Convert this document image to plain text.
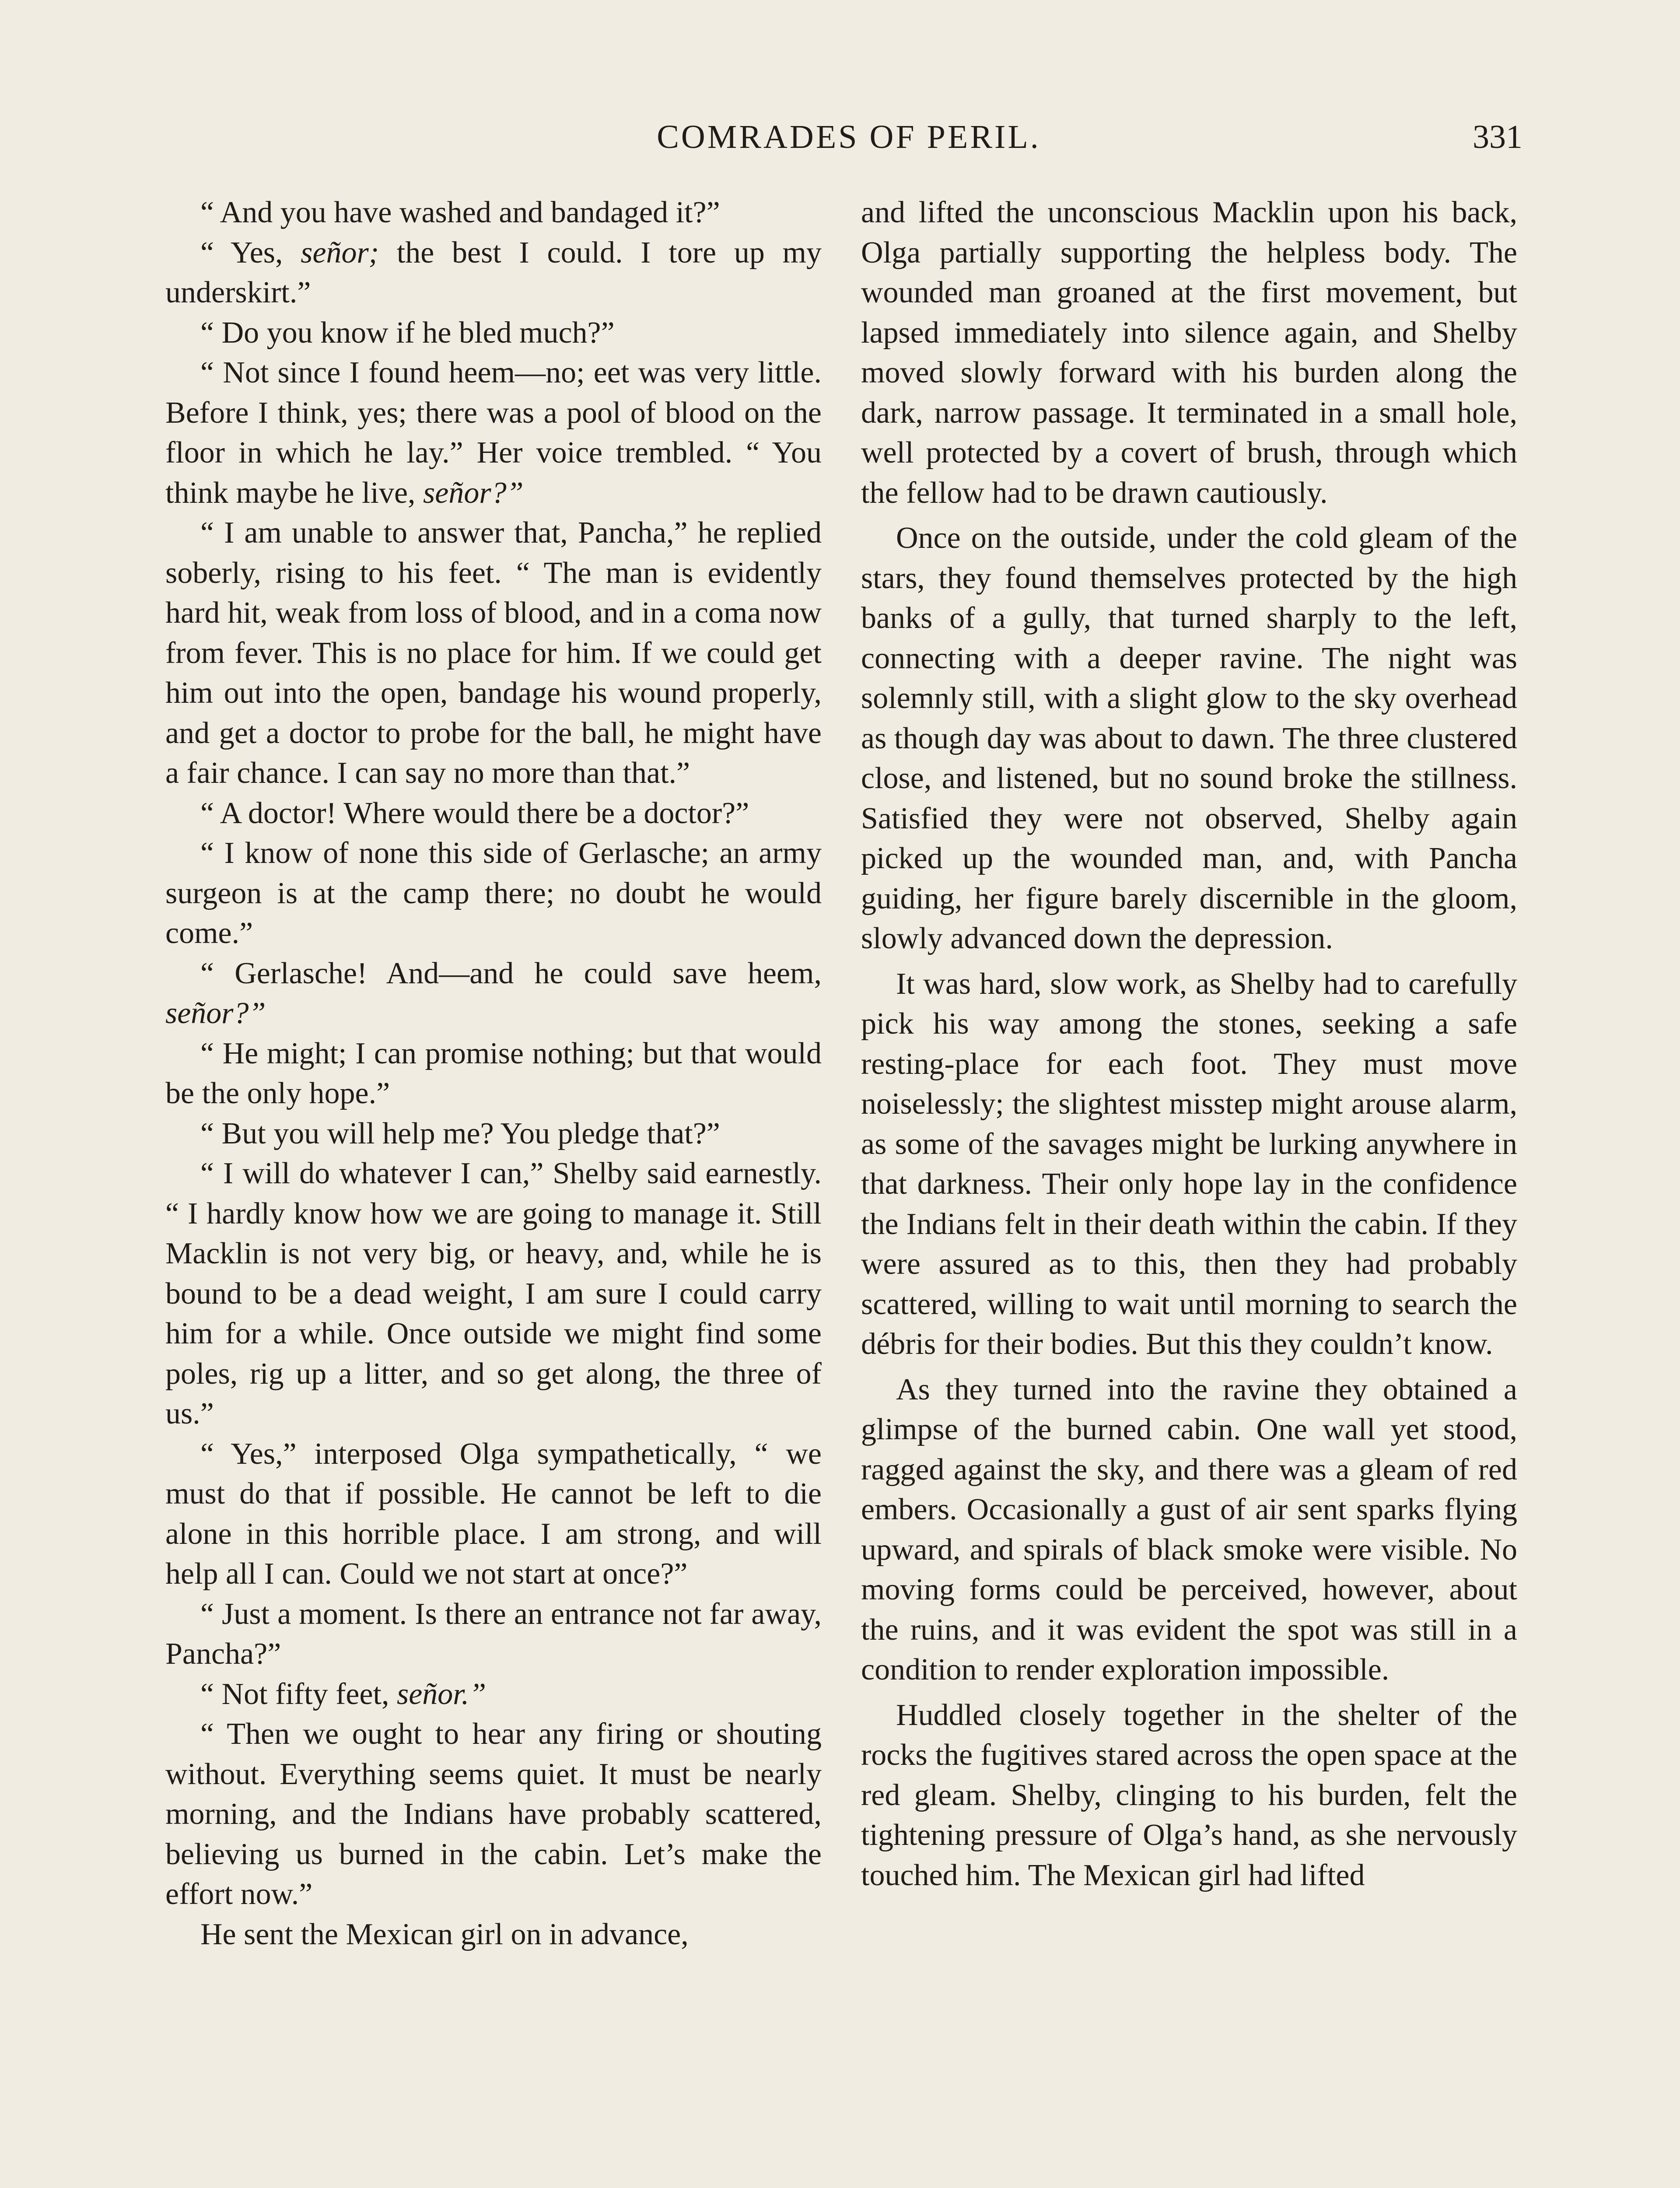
COMRADES OF PERIL.	331

“ And you have washed and bandaged it?”

“ Yes, señor; the best I could. I tore up my underskirt.”

“ Do you know if he bled much?”

“ Not since I found heem—no; eet was very little. Before I think, yes; there was a pool of blood on the floor in which he lay.” Her voice trembled. “ You think maybe he live, señor?”

“ I am unable to answer that, Pancha,” he replied soberly, rising to his feet. “ The man is evidently hard hit, weak from loss of blood, and in a coma now from fever. This is no place for him. If we could get him out into the open, bandage his wound properly, and get a doctor to probe for the ball, he might have a fair chance. I can say no more than that.”

“ A doctor! Where would there be a doctor?”

“ I know of none this side of Gerlasche; an army surgeon is at the camp there; no doubt he would come.”

“ Gerlasche! And—and he could save heem, señor?”

“ He might; I can promise nothing; but that would be the only hope.”

“ But you will help me? You pledge that?”

“ I will do whatever I can,” Shelby said earnestly. “ I hardly know how we are going to manage it. Still Macklin is not very big, or heavy, and, while he is bound to be a dead weight, I am sure I could carry him for a while. Once outside we might find some poles, rig up a litter, and so get along, the three of us.”

“ Yes,” interposed Olga sympathetically, “ we must do that if possible. He cannot be left to die alone in this horrible place. I am strong, and will help all I can. Could we not start at once?”

“ Just a moment. Is there an entrance not far away, Pancha?”

“ Not fifty feet, señor.”

“ Then we ought to hear any firing or shouting without. Everything seems quiet. It must be nearly morning, and the Indians have probably scattered, believing us burned in the cabin. Let’s make the effort now.”

He sent the Mexican girl on in advance,

and lifted the unconscious Macklin upon his back, Olga partially supporting the helpless body. The wounded man groaned at the first movement, but lapsed immediately into silence again, and Shelby moved slowly forward with his burden along the dark, narrow passage. It terminated in a small hole, well protected by a covert of brush, through which the fellow had to be drawn cautiously.

Once on the outside, under the cold gleam of the stars, they found themselves protected by the high banks of a gully, that turned sharply to the left, connecting with a deeper ravine. The night was solemnly still, with a slight glow to the sky overhead as though day was about to dawn. The three clustered close, and listened, but no sound broke the stillness. Satisfied they were not observed, Shelby again picked up the wounded man, and, with Pancha guiding, her figure barely discernible in the gloom, slowly advanced down the depression.

It was hard, slow work, as Shelby had to carefully pick his way among the stones, seeking a safe resting-place for each foot. They must move noiselessly; the slightest misstep might arouse alarm, as some of the savages might be lurking anywhere in that darkness. Their only hope lay in the confidence the Indians felt in their death within the cabin. If they were assured as to this, then they had probably scattered, willing to wait until morning to search the débris for their bodies. But this they couldn’t know.

As they turned into the ravine they obtained a glimpse of the burned cabin. One wall yet stood, ragged against the sky, and there was a gleam of red embers. Occasionally a gust of air sent sparks flying upward, and spirals of black smoke were visible. No moving forms could be perceived, however, about the ruins, and it was evident the spot was still in a condition to render exploration impossible.

Huddled closely together in the shelter of the rocks the fugitives stared across the open space at the red gleam. Shelby, clinging to his burden, felt the tightening pressure of Olga’s hand, as she nervously touched him. The Mexican girl had lifted
